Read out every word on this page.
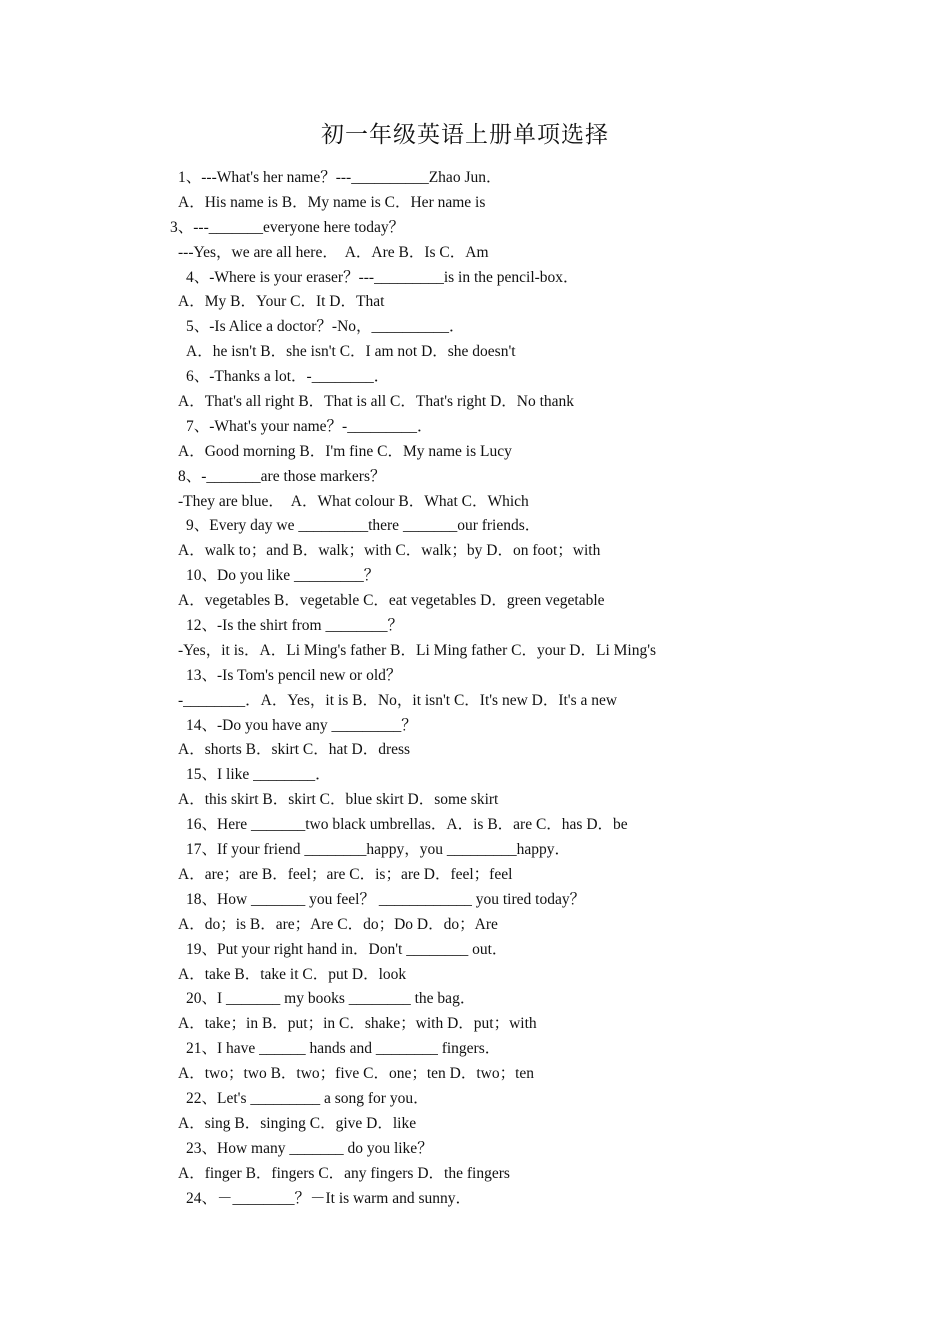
初一年级英语上册单项选择
1、---What's her name？---__________Zhao Jun．
A．His name is B．My name is C．Her name is
3、---_______everyone here today？
---Yes，we are all here．  A．Are B．Is C．Am
4、-Where is your eraser？---_________is in the pencil-box．
A．My B．Your C．It D．That
5、-Is Alice a doctor？-No，__________．
A．he isn't B．she isn't C．I am not D．she doesn't
6、-Thanks a lot．-________．
A．That's all right B．That is all C．That's right D．No thank
7、-What's your name？-_________．
A．Good morning B．I'm fine C．My name is Lucy
8、-_______are those markers？
-They are blue．  A．What colour B．What C．Which
9、Every day we _________there _______our friends．
A．walk to；and B．walk；with C．walk；by D．on foot；with
10、Do you like _________？
A．vegetables B．vegetable C．eat vegetables D．green vegetable
12、-Is the shirt from ________？
-Yes，it is．A．Li Ming's father B．Li Ming father C．your D．Li Ming's
13、-Is Tom's pencil new or old？
-________．A．Yes，it is B．No，it isn't C．It's new D．It's a new
14、-Do you have any _________？
A．shorts B．skirt C．hat D．dress
15、I like ________．
A．this skirt B．skirt C．blue skirt D．some skirt
16、Here _______two black umbrellas．A．is B．are C．has D．be
17、If your friend ________happy，you _________happy．
A．are；are B．feel；are C．is；are D．feel；feel
18、How _______ you feel？ ____________ you tired today？
A．do；is B．are；Are C．do；Do D．do；Are
19、Put your right hand in．Don't ________ out．
A．take B．take it C．put D．look
20、I _______ my books ________ the bag．
A．take；in B．put；in C．shake；with D．put；with
21、I have ______ hands and ________ fingers．
A．two；two B．two；five C．one；ten D．two；ten
22、Let's _________ a song for you．
A．sing B．singing C．give D．like
23、How many _______ do you like？
A．finger B．fingers C．any fingers D．the fingers
24、－________？－It is warm and sunny．
